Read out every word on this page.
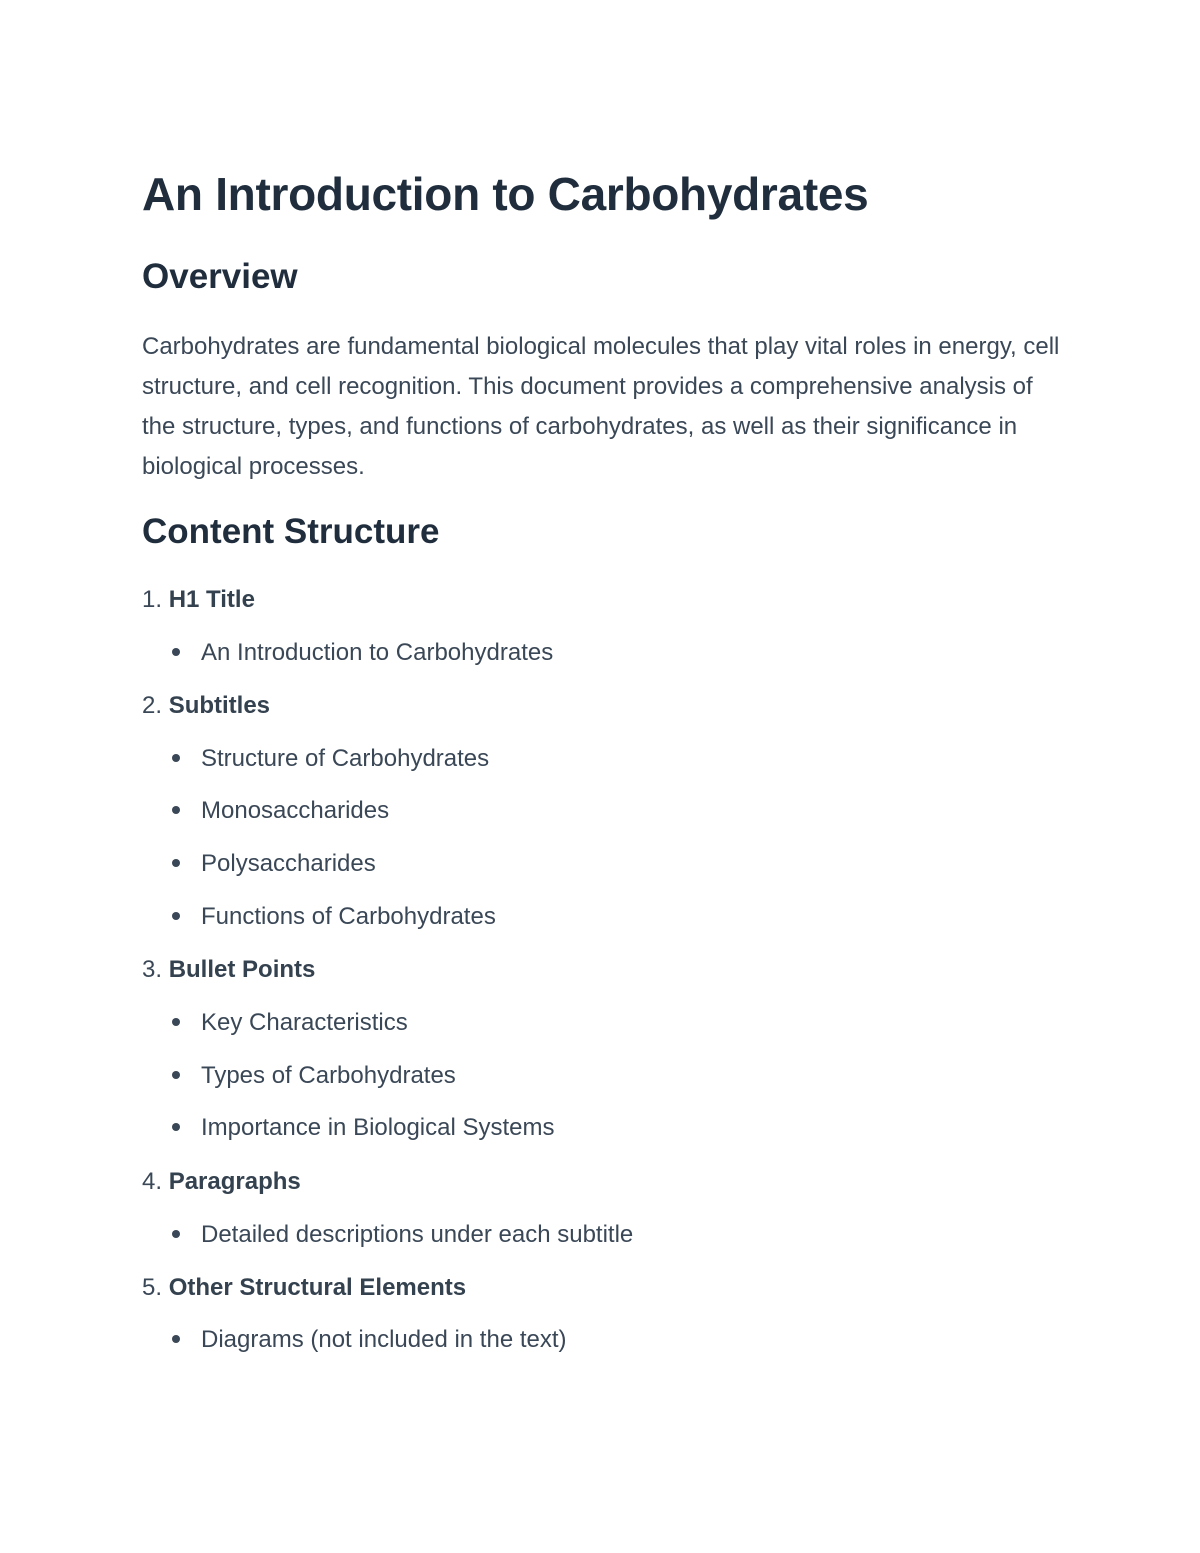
An Introduction to Carbohydrates
Overview

Carbohydrates are fundamental biological molecules that play vital roles in energy, cell structure, and cell recognition. This document provides a comprehensive analysis of the structure, types, and functions of carbohydrates, as well as their significance in biological processes.

Content Structure
1. H1 Title
An Introduction to Carbohydrates
2. Subtitles
Structure of Carbohydrates
Monosaccharides
Polysaccharides
Functions of Carbohydrates
3. Bullet Points
Key Characteristics
Types of Carbohydrates
Importance in Biological Systems
4. Paragraphs
Detailed descriptions under each subtitle
5. Other Structural Elements
Diagrams (not included in the text)
